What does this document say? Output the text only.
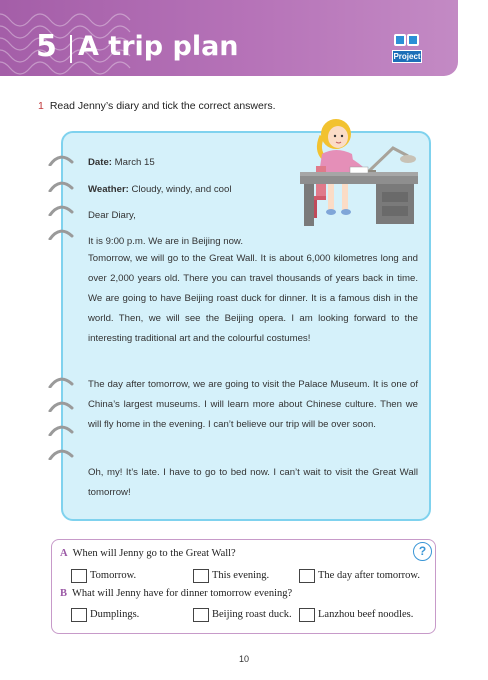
5 A trip plan	Project
1 Read Jenny’s diary and tick the correct answers.
Date: March 15
Weather: Cloudy, windy, and cool
Dear Diary,
It is 9:00 p.m. We are in Beijing now.
Tomorrow, we will go to the Great Wall. It is about 6,000 kilometres long and over 2,000 years old. There you can travel thousands of years back in time. We are going to have Beijing roast duck for dinner. It is a famous dish in the world. Then, we will see the Beijing opera. I am looking forward to the interesting traditional art and the colourful costumes!
The day after tomorrow, we are going to visit the Palace Museum. It is one of China’s largest museums. I will learn more about Chinese culture. Then we will fly home in the evening. I can’t believe our trip will be over soon.
Oh, my! It’s late. I have to go to bed now. I can’t wait to visit the Great Wall tomorrow!
?
A When will Jenny go to the Great Wall?
Tomorrow.	This evening.	The day after tomorrow.
B What will Jenny have for dinner tomorrow evening?
Dumplings.	Beijing roast duck.	Lanzhou beef noodles.
10
